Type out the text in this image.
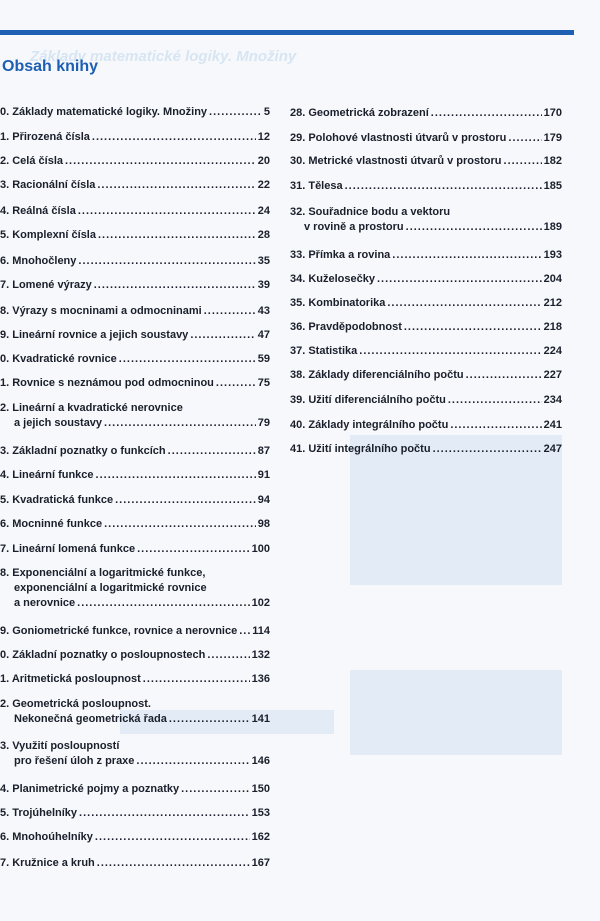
Základy matematické logiky. Množiny
Obsah knihy
0. Základy matematické logiky. Množiny .....	5
1. Přirozená čísla .....	12
2. Celá čísla .....	20
3. Racionální čísla .....	22
4. Reálná čísla .....	24
5. Komplexní čísla .....	28
6. Mnohočleny .....	35
7. Lomené výrazy .....	39
8. Výrazy s mocninami a odmocninami .....	43
9. Lineární rovnice a jejich soustavy .....	47
0. Kvadratické rovnice .....	59
1. Rovnice s neznámou pod odmocninou .....	75
2. Lineární a kvadratické nerovnice
a jejich soustavy .....	79
3. Základní poznatky o funkcích .....	87
4. Lineární funkce .....	91
5. Kvadratická funkce .....	94
6. Mocninné funkce .....	98
7. Lineární lomená funkce .....	100
8. Exponenciální a logaritmické funkce,
exponenciální a logaritmické rovnice
a nerovnice .....	102
9. Goniometrické funkce, rovnice a nerovnice ..... 114
0. Základní poznatky o posloupnostech .....	132
1. Aritmetická posloupnost .....	136
2. Geometrická posloupnost.
Nekonečná geometrická řada .....	141
3. Využití posloupností
pro řešení úloh z praxe .....	146
4. Planimetrické pojmy a poznatky .....	150
5. Trojúhelníky .....	153
6. Mnohoúhelníky .....	162
7. Kružnice a kruh .....	167
28. Geometrická zobrazení .....	170
29. Polohové vlastnosti útvarů v prostoru .....	179
30. Metrické vlastnosti útvarů v prostoru .....	182
31. Tělesa .....	185
32. Souřadnice bodu a vektoru
v rovině a prostoru .....	189
33. Přímka a rovina .....	193
34. Kuželosečky .....	204
35. Kombinatorika .....	212
36. Pravděpodobnost .....	218
37. Statistika .....	224
38. Základy diferenciálního počtu .....	227
39. Užití diferenciálního počtu .....	234
40. Základy integrálního počtu .....	241
41. Užití integrálního počtu .....	247
